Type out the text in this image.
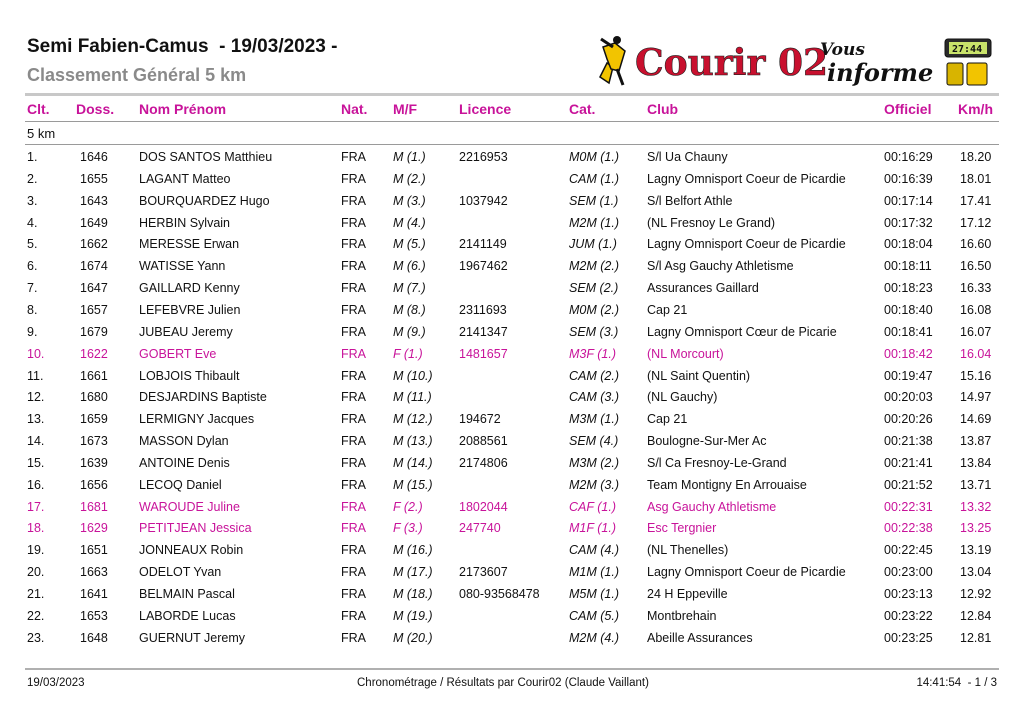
Semi Fabien-Camus  - 19/03/2023 -
Classement Général 5 km	Courir 02
Vous
informe
27:44
Clt. Doss. Nom Prénom	Nat. M/F	Licence	Cat.	Club	Officiel Km/h
5 km
1.	1646 DOS SANTOS Matthieu	FRA M (1.)	2216953	M0M (1.) S/l Ua Chauny	00:16:29 18.20
2.	1655 LAGANT Matteo	FRA M (2.)	CAM (1.) Lagny Omnisport Coeur de Picardie	00:16:39 18.01
3.	1643 BOURQUARDEZ Hugo	FRA M (3.)	1037942	SEM (1.) S/l Belfort Athle	00:17:14 17.41
4.	1649 HERBIN Sylvain	FRA M (4.)	M2M (1.) (NL Fresnoy Le Grand)	00:17:32 17.12
5.	1662 MERESSE Erwan	FRA M (5.)	2141149	JUM (1.) Lagny Omnisport Coeur de Picardie	00:18:04 16.60
6.	1674 WATISSE Yann	FRA M (6.)	1967462	M2M (2.) S/l Asg Gauchy Athletisme	00:18:11 16.50
7.	1647 GAILLARD Kenny	FRA M (7.)	SEM (2.) Assurances Gaillard	00:18:23 16.33
8.	1657 LEFEBVRE Julien	FRA M (8.)	2311693	M0M (2.) Cap 21	00:18:40 16.08
9.	1679 JUBEAU Jeremy	FRA M (9.)	2141347	SEM (3.) Lagny Omnisport Cœur de Picarie	00:18:41 16.07
10.	1622 GOBERT Eve	FRA F (1.)	1481657	M3F (1.) (NL Morcourt)	00:18:42 16.04
11.	1661 LOBJOIS Thibault	FRA M (10.)	CAM (2.) (NL Saint Quentin)	00:19:47 15.16
12.	1680 DESJARDINS Baptiste	FRA M (11.)	CAM (3.) (NL Gauchy)	00:20:03 14.97
13.	1659 LERMIGNY Jacques	FRA M (12.) 194672	M3M (1.) Cap 21	00:20:26 14.69
14.	1673 MASSON Dylan	FRA M (13.) 2088561	SEM (4.) Boulogne-Sur-Mer Ac	00:21:38 13.87
15.	1639 ANTOINE Denis	FRA M (14.) 2174806	M3M (2.) S/l Ca Fresnoy-Le-Grand	00:21:41 13.84
16.	1656 LECOQ Daniel	FRA M (15.)	M2M (3.) Team Montigny En Arrouaise	00:21:52 13.71
17.	1681 WAROUDE Juline	FRA F (2.)	1802044	CAF (1.) Asg Gauchy Athletisme	00:22:31 13.32
18.	1629 PETITJEAN Jessica	FRA F (3.)	247740	M1F (1.) Esc Tergnier	00:22:38 13.25
19.	1651 JONNEAUX Robin	FRA M (16.)	CAM (4.) (NL Thenelles)	00:22:45 13.19
20.	1663 ODELOT Yvan	FRA M (17.) 2173607	M1M (1.) Lagny Omnisport Coeur de Picardie	00:23:00 13.04
21.	1641 BELMAIN Pascal	FRA M (18.) 080-93568478 M5M (1.) 24 H Eppeville	00:23:13 12.92
22.	1653 LABORDE Lucas	FRA M (19.)	CAM (5.) Montbrehain	00:23:22 12.84
23.	1648 GUERNUT Jeremy	FRA M (20.)	M2M (4.) Abeille Assurances	00:23:25 12.81
19/03/2023	Chronométrage / Résultats par Courir02 (Claude Vaillant)	14:41:54  - 1 / 3
